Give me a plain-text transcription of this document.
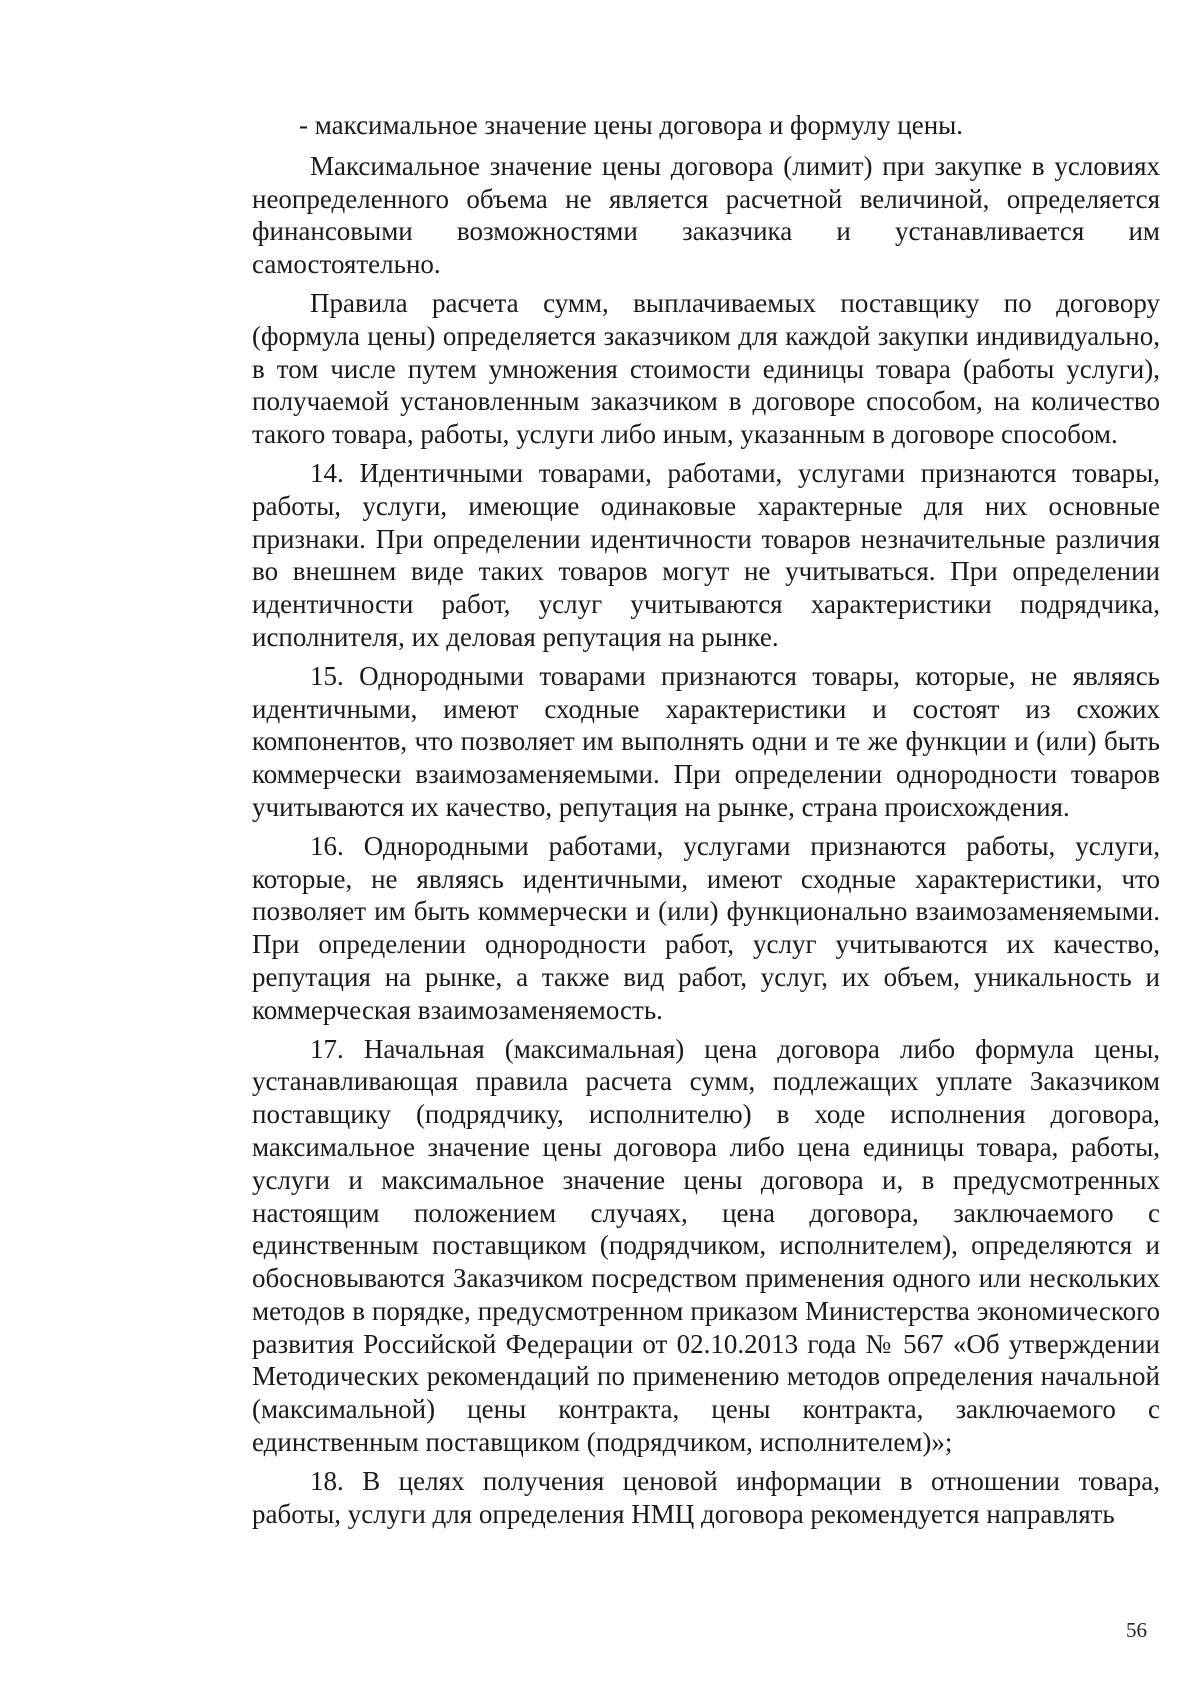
- максимальное значение цены договора и формулу цены.

Максимальное значение цены договора (лимит) при закупке в условиях неопределенного объема не является расчетной величиной, определяется финансовыми возможностями заказчика и устанавливается им самостоятельно.

Правила расчета сумм, выплачиваемых поставщику по договору (формула цены) определяется заказчиком для каждой закупки индивидуально, в том числе путем умножения стоимости единицы товара (работы услуги), получаемой установленным заказчиком в договоре способом, на количество такого товара, работы, услуги либо иным, указанным в договоре способом.

14. Идентичными товарами, работами, услугами признаются товары, работы, услуги, имеющие одинаковые характерные для них основные признаки. При определении идентичности товаров незначительные различия во внешнем виде таких товаров могут не учитываться. При определении идентичности работ, услуг учитываются характеристики подрядчика, исполнителя, их деловая репутация на рынке.

15. Однородными товарами признаются товары, которые, не являясь идентичными, имеют сходные характеристики и состоят из схожих компонентов, что позволяет им выполнять одни и те же функции и (или) быть коммерчески взаимозаменяемыми. При определении однородности товаров учитываются их качество, репутация на рынке, страна происхождения.

16. Однородными работами, услугами признаются работы, услуги, которые, не являясь идентичными, имеют сходные характеристики, что позволяет им быть коммерчески и (или) функционально взаимозаменяемыми. При определении однородности работ, услуг учитываются их качество, репутация на рынке, а также вид работ, услуг, их объем, уникальность и коммерческая взаимозаменяемость.

17. Начальная (максимальная) цена договора либо формула цены, устанавливающая правила расчета сумм, подлежащих уплате Заказчиком поставщику (подрядчику, исполнителю) в ходе исполнения договора, максимальное значение цены договора либо цена единицы товара, работы, услуги и максимальное значение цены договора и, в предусмотренных настоящим положением случаях, цена договора, заключаемого с единственным поставщиком (подрядчиком, исполнителем), определяются и обосновываются Заказчиком посредством применения одного или нескольких методов в порядке, предусмотренном приказом Министерства экономического развития Российской Федерации от 02.10.2013 года № 567 «Об утверждении Методических рекомендаций по применению методов определения начальной (максимальной) цены контракта, цены контракта, заключаемого с единственным поставщиком (подрядчиком, исполнителем)»;

18. В целях получения ценовой информации в отношении товара, работы, услуги для определения НМЦ договора рекомендуется направлять

56
